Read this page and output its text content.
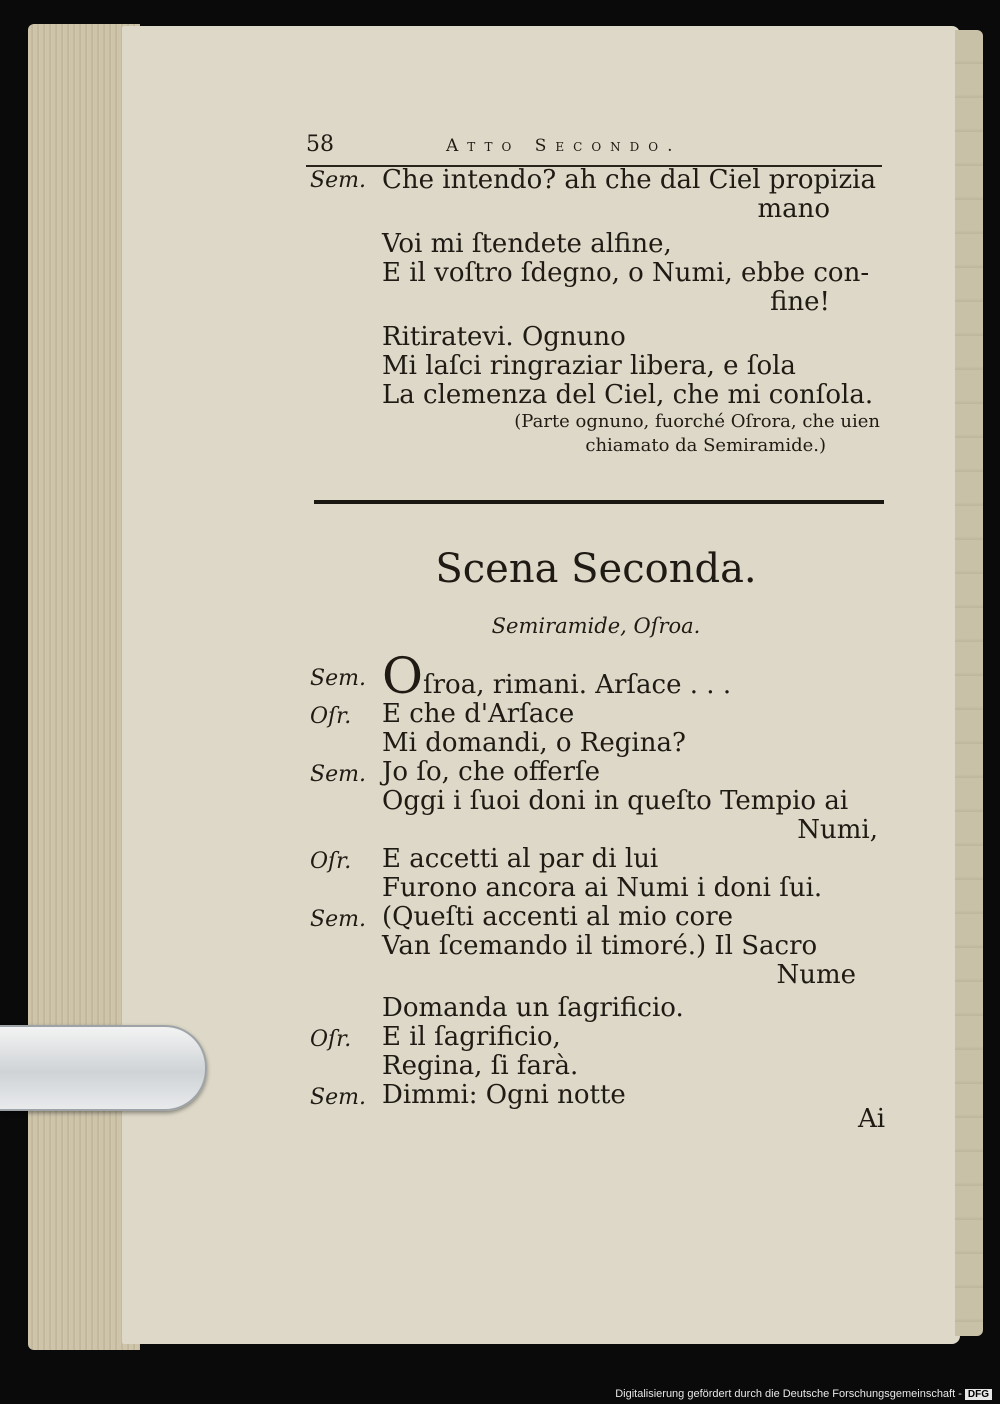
58	Atto Secondo.
Sem. Che intendo? ah che dal Ciel propizia
mano
Voi mi ſtendete alfine,
E il voſtro ſdegno, o Numi, ebbe con-
fine!
Ritiratevi. Ognuno
Mi laſci ringraziar libera, e ſola
La clemenza del Ciel, che mi conſola.
(Parte ognuno, fuorché Oſrora, che uien
chiamato da Semiramide.)
Scena Seconda.
Semiramide, Oſroa.
Sem. Oſroa, rimani. Arſace . . .
Oſr.	E che d'Arſace
Mi domandi, o Regina?
Sem. Jo ſo, che offerſe
Oggi i ſuoi doni in queſto Tempio ai
Numi,
Oſr.	E accetti al par di lui
Furono ancora ai Numi i doni ſui.
Sem. (Queſti accenti al mio core
Van ſcemando il timoré.) Il Sacro
Nume
Domanda un ſagrificio.
Oſr.	E il ſagrificio,
Regina, ſi farà.
Sem. Dimmi: Ogni notte
Ai
Digitalisierung gefördert durch die Deutsche Forschungsgemeinschaft - DFG
